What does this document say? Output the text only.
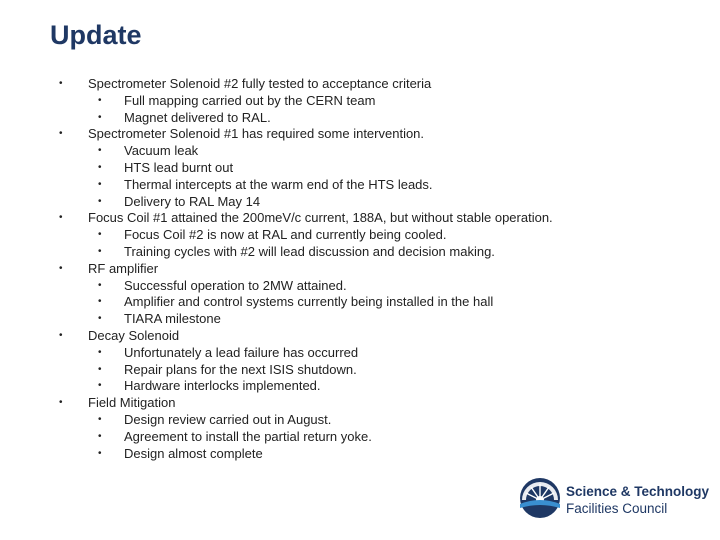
Update
• Spectrometer Solenoid #2 fully tested to acceptance criteria
• Full mapping carried out by the CERN team
• Magnet delivered to RAL.
• Spectrometer Solenoid #1 has required some intervention.
• Vacuum leak
• HTS lead burnt out
• Thermal intercepts at the warm end of the HTS leads.
• Delivery to RAL May 14
• Focus Coil #1 attained the 200meV/c current, 188A, but without stable operation.
• Focus Coil #2 is now at RAL and currently being cooled.
• Training cycles with #2 will lead discussion and decision making.
• RF amplifier
• Successful operation to 2MW attained.
• Amplifier and control systems currently being installed in the hall
• TIARA milestone
• Decay Solenoid
• Unfortunately a lead failure has occurred
• Repair plans for the next ISIS shutdown.
• Hardware interlocks implemented.
• Field Mitigation
• Design review carried out in August.
• Agreement to install the partial return yoke.
• Design almost complete
Science & Technology
Facilities Council
